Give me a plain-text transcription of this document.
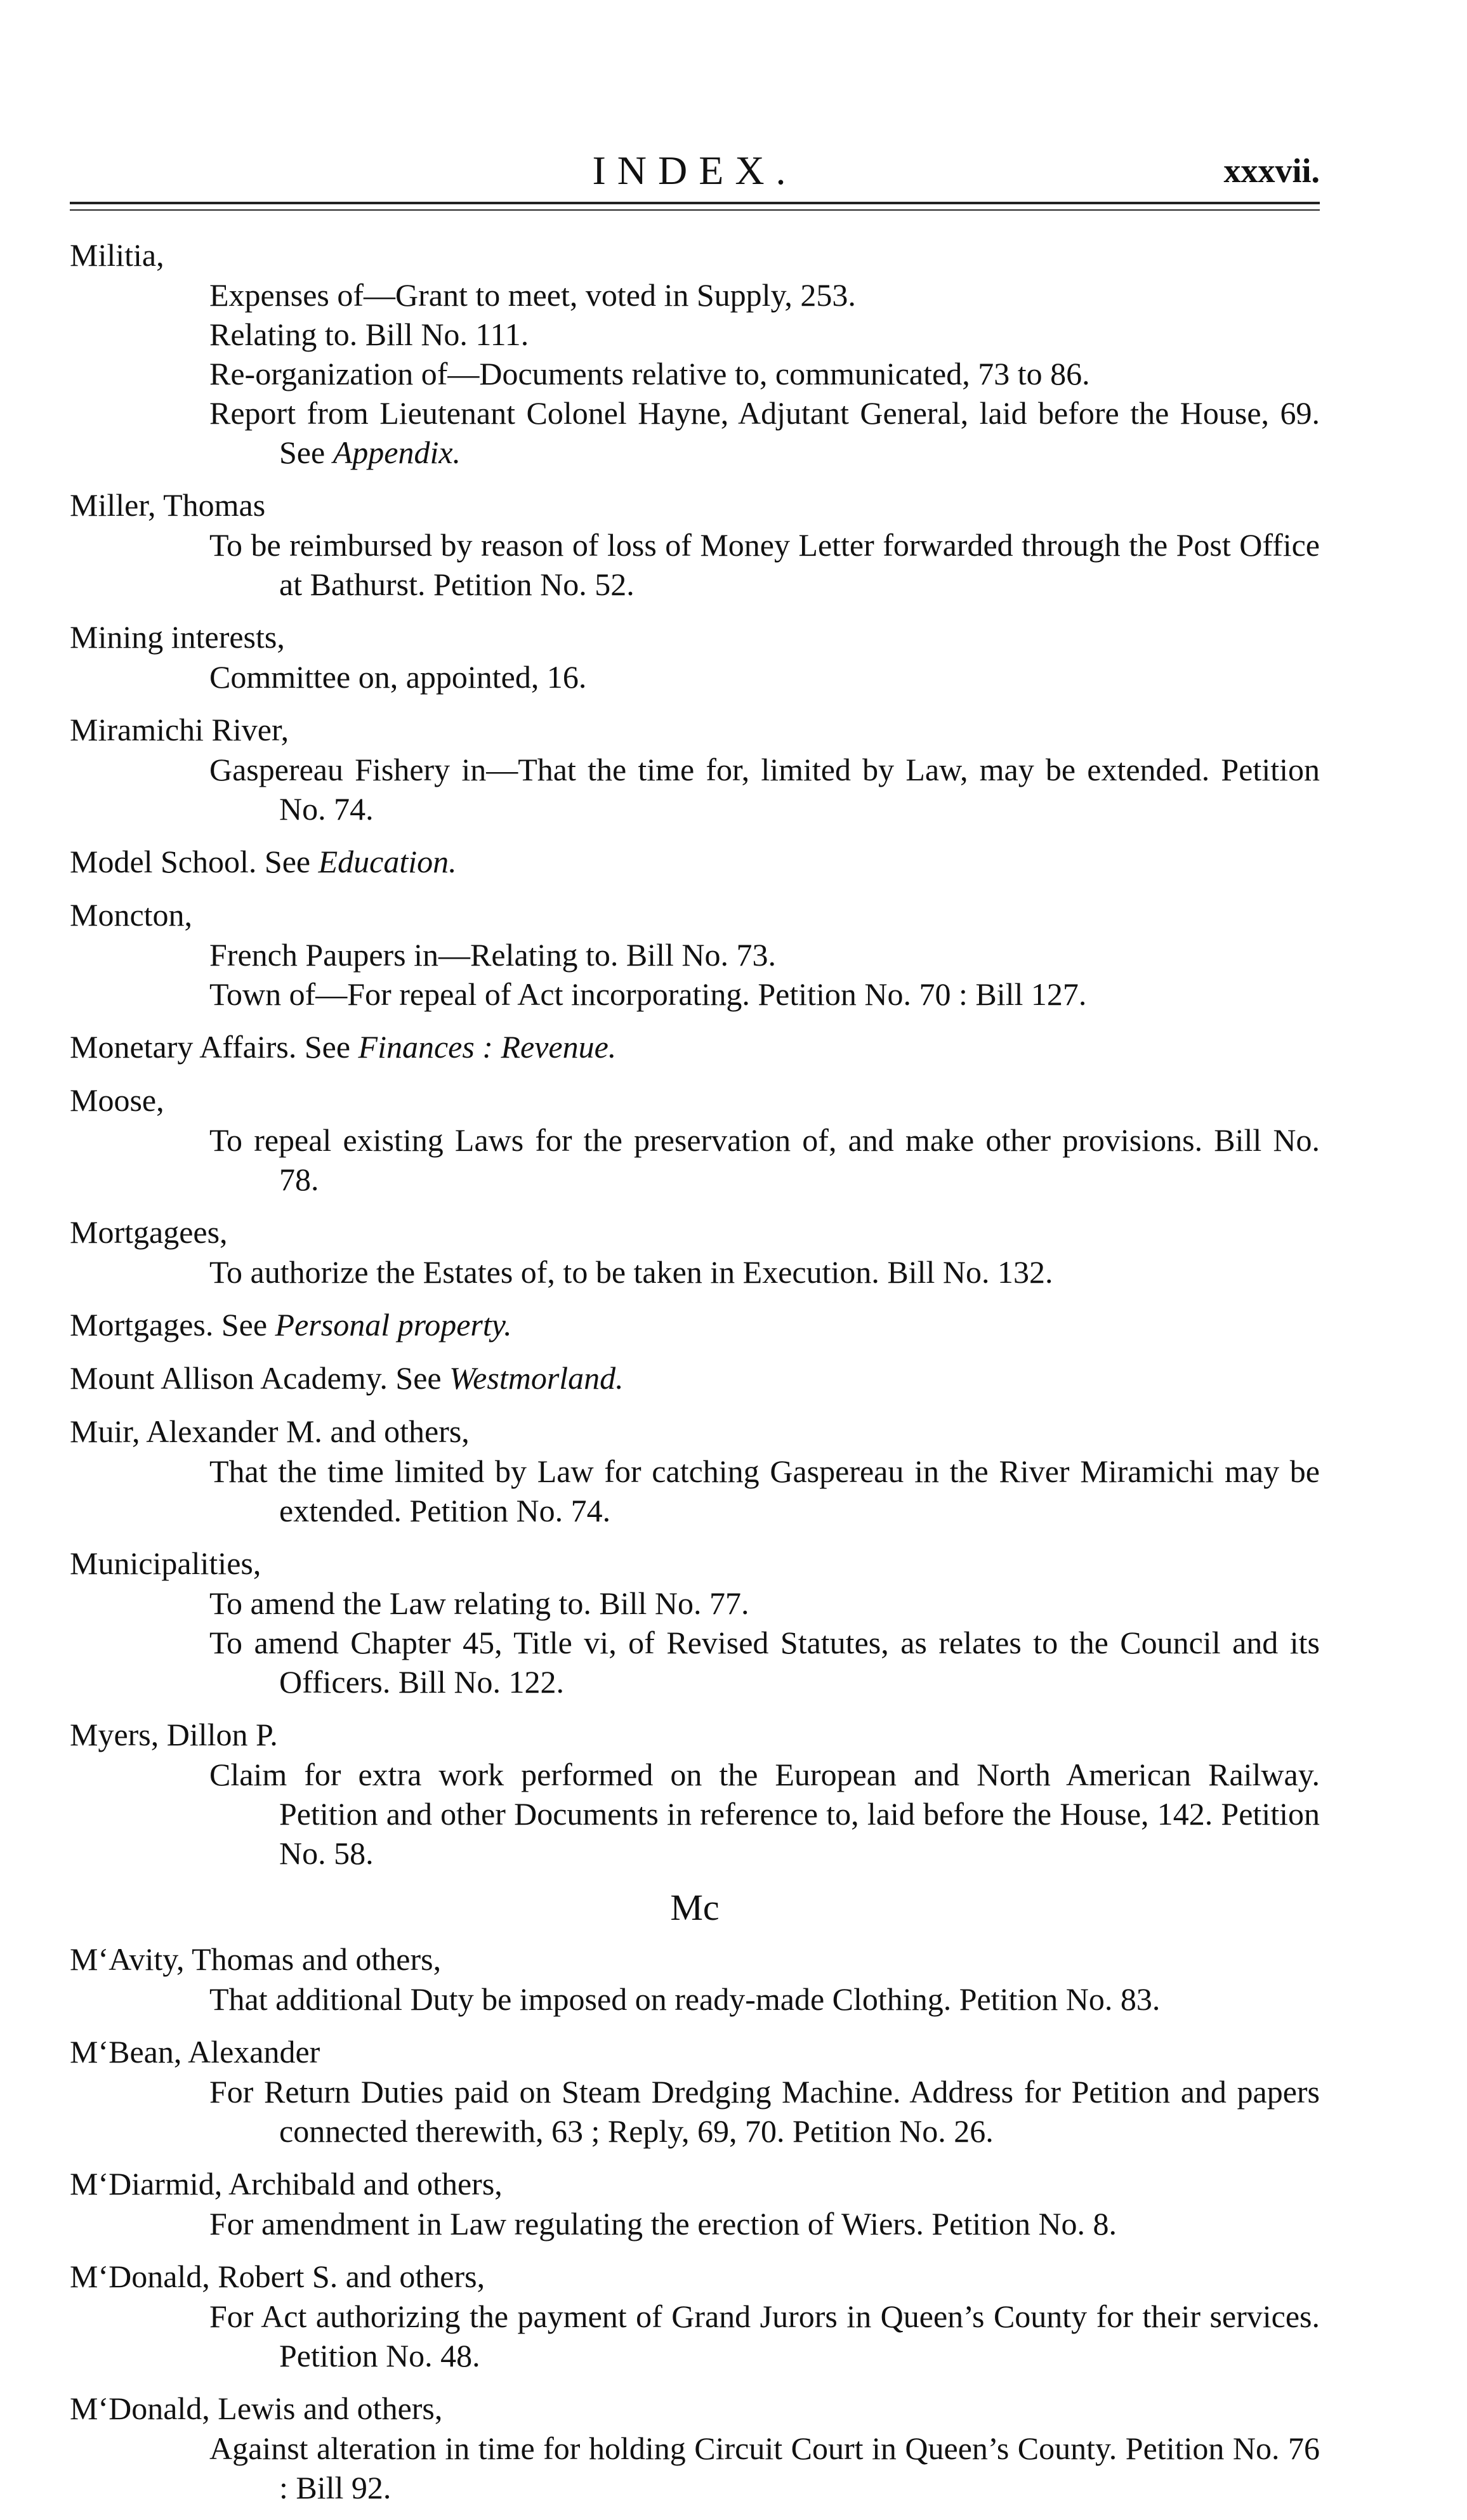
INDEX.	xxxvii.
Militia,
Expenses of—Grant to meet, voted in Supply, 253.
Relating to. Bill No. 111.
Re-organization of—Documents relative to, communicated, 73 to 86.
Report from Lieutenant Colonel Hayne, Adjutant General, laid before the House, 69. See Appendix.
Miller, Thomas
To be reimbursed by reason of loss of Money Letter forwarded through the Post Office at Bathurst. Petition No. 52.
Mining interests,
Committee on, appointed, 16.
Miramichi River,
Gaspereau Fishery in—That the time for, limited by Law, may be extended. Petition No. 74.
Model School. See Education.
Moncton,
French Paupers in—Relating to. Bill No. 73.
Town of—For repeal of Act incorporating. Petition No. 70 : Bill 127.
Monetary Affairs. See Finances : Revenue.
Moose,
To repeal existing Laws for the preservation of, and make other provisions. Bill No. 78.
Mortgagees,
To authorize the Estates of, to be taken in Execution. Bill No. 132.
Mortgages. See Personal property.
Mount Allison Academy. See Westmorland.
Muir, Alexander M. and others,
That the time limited by Law for catching Gaspereau in the River Miramichi may be extended. Petition No. 74.
Municipalities,
To amend the Law relating to. Bill No. 77.
To amend Chapter 45, Title vi, of Revised Statutes, as relates to the Council and its Officers. Bill No. 122.
Myers, Dillon P.
Claim for extra work performed on the European and North American Railway. Petition and other Documents in reference to, laid before the House, 142. Petition No. 58.
Mc
M‘Avity, Thomas and others,
That additional Duty be imposed on ready-made Clothing. Petition No. 83.
M‘Bean, Alexander
For Return Duties paid on Steam Dredging Machine. Address for Petition and papers connected therewith, 63 ; Reply, 69, 70. Petition No. 26.
M‘Diarmid, Archibald and others,
For amendment in Law regulating the erection of Wiers. Petition No. 8.
M‘Donald, Robert S. and others,
For Act authorizing the payment of Grand Jurors in Queen’s County for their services. Petition No. 48.
M‘Donald, Lewis and others,
Against alteration in time for holding Circuit Court in Queen’s County. Petition No. 76 : Bill 92.
